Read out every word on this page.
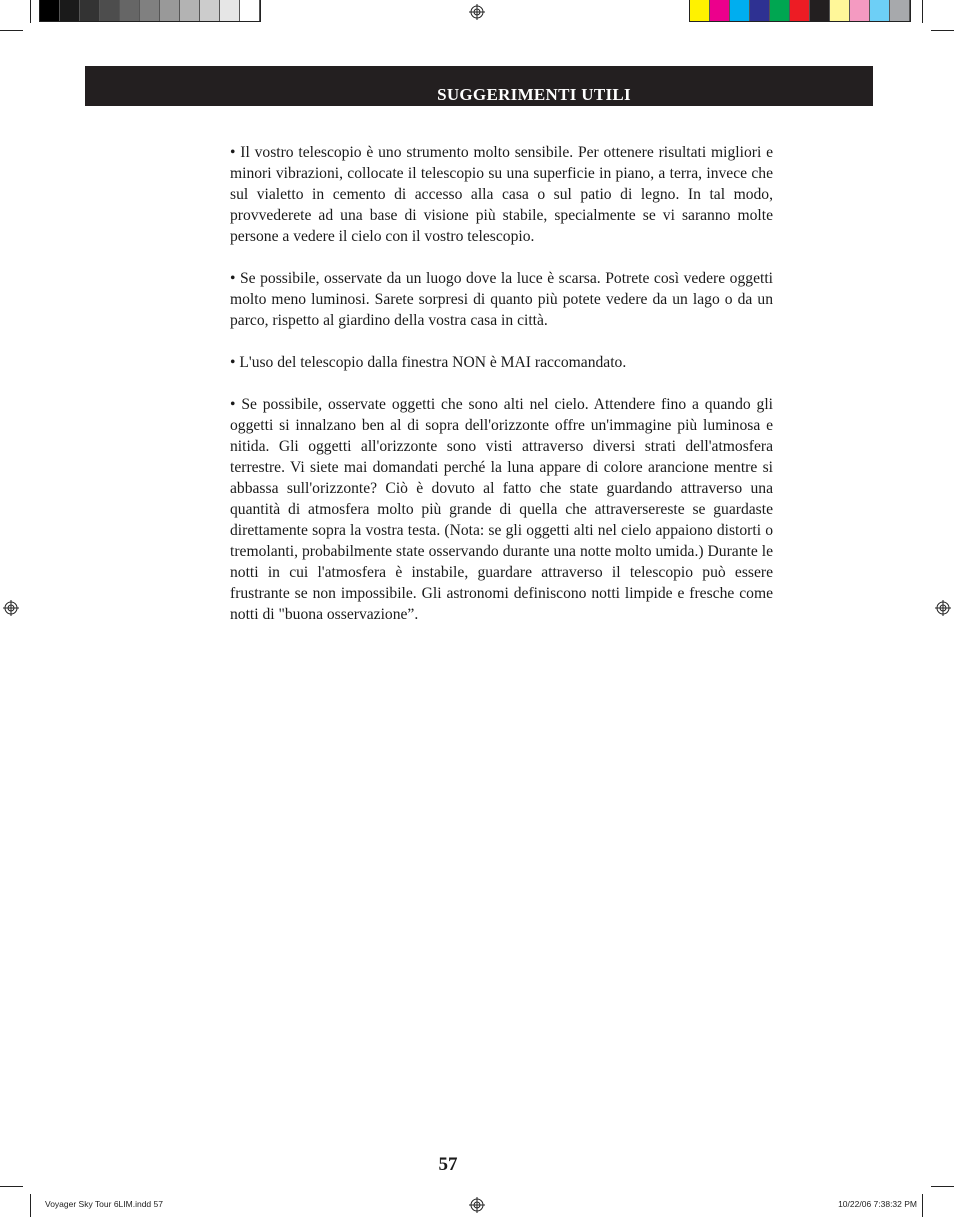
SUGGERIMENTI UTILI

• Il vostro telescopio è uno strumento molto sensibile. Per ottenere risultati migliori e minori vibrazioni, collocate il telescopio su una superficie in piano, a terra, invece che sul vialetto in cemento di accesso alla casa o sul patio di legno. In tal modo, provvederete ad una base di visione più stabile, specialmente se vi saranno molte persone a vedere il cielo con il vostro telescopio.

• Se possibile, osservate da un luogo dove la luce è scarsa. Potrete così vedere oggetti molto meno luminosi. Sarete sorpresi di quanto più potete vedere da un lago o da un parco, rispetto al giardino della vostra casa in città.

• L'uso del telescopio dalla finestra NON è MAI raccomandato.

• Se possibile, osservate oggetti che sono alti nel cielo. Attendere fino a quando gli oggetti si innalzano ben al di sopra dell'orizzonte offre un'immagine più luminosa e nitida. Gli oggetti all'orizzonte sono visti attraverso diversi strati dell'atmosfera terrestre. Vi siete mai domandati perché la luna appare di colore arancione mentre si abbassa sull'orizzonte? Ciò è dovuto al fatto che state guardando attraverso una quantità di atmosfera molto più grande di quella che attraversereste se guardaste direttamente sopra la vostra testa. (Nota: se gli oggetti alti nel cielo appaiono distorti o tremolanti, probabilmente state osservando durante una notte molto umida.) Durante le notti in cui l'atmosfera è instabile, guardare attraverso il telescopio può essere frustrante se non impossibile. Gli astronomi definiscono notti limpide e fresche come notti di "buona osservazione”.

57
Voyager Sky Tour 6LIM.indd 57	10/22/06 7:38:32 PM
